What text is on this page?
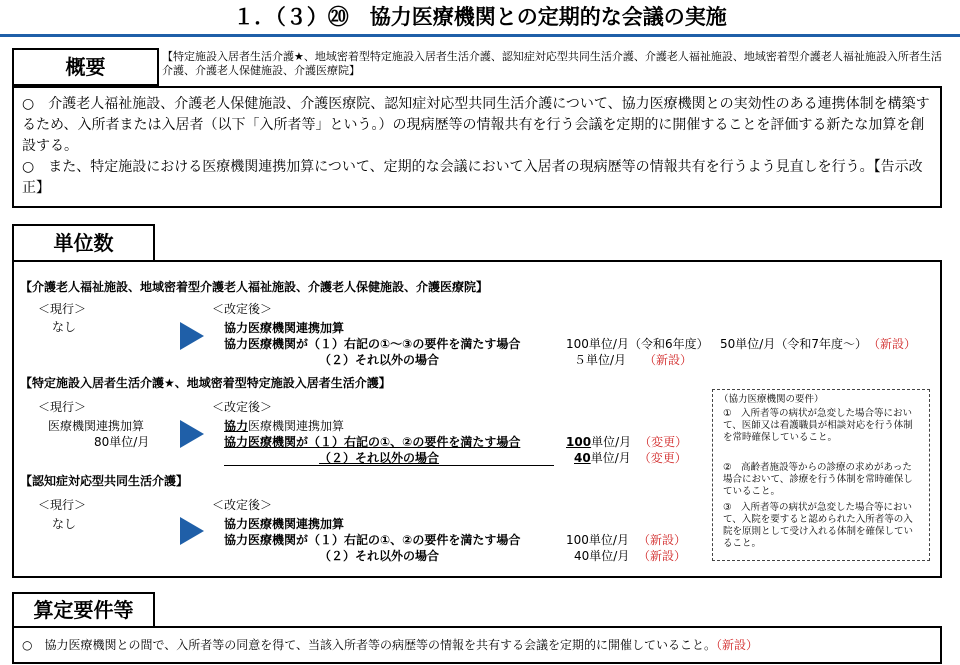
１．（３）⑳　協力医療機関との定期的な会議の実施
概要	【特定施設入居者生活介護★、地域密着型特定施設入居者生活介護、認知症対応型共同生活介護、介護老人福祉施設、地域密着型介護老人福祉施設入所者生活介護、介護老人保健施設、介護医療院】
○　介護老人福祉施設、介護老人保健施設、介護医療院、認知症対応型共同生活介護について、協力医療機関との実効性のある連携体制を構築するため、入所者または入居者（以下「入所者等」という。）の現病歴等の情報共有を行う会議を定期的に開催することを評価する新たな加算を創設する。
○　また、特定施設における医療機関連携加算について、定期的な会議において入居者の現病歴等の情報共有を行うよう見直しを行う。【告示改正】
単位数
【介護老人福祉施設、地域密着型介護老人福祉施設、介護老人保健施設、介護医療院】
＜現行＞
なし
＜改定後＞
協力医療機関連携加算
協力医療機関が（１）右記の①～③の要件を満たす場合
（２）それ以外の場合
100単位/月（令和6年度） 50単位/月（令和7年度～） （新設）
５単位/月 （新設）
【特定施設入居者生活介護★、地域密着型特定施設入居者生活介護】
＜現行＞
医療機関連携加算
80単位/月
＜改定後＞
協力医療機関連携加算
協力医療機関が（１）右記の①、②の要件を満たす場合
（２）それ以外の場合
100単位/月 （変更）
40単位/月 （変更）
【認知症対応型共同生活介護】
＜現行＞
なし
＜改定後＞
協力医療機関連携加算
協力医療機関が（１）右記の①、②の要件を満たす場合
（２）それ以外の場合
100単位/月 （新設）
40単位/月 （新設）
（協力医療機関の要件）
①　入所者等の病状が急変した場合等において、医師又は看護職員が相談対応を行う体制を常時確保していること。
②　高齢者施設等からの診療の求めがあった場合において、診療を行う体制を常時確保していること。
③　入所者等の病状が急変した場合等において、入院を要すると認められた入所者等の入院を原則として受け入れる体制を確保していること。
算定要件等
○　協力医療機関との間で、入所者等の同意を得て、当該入所者等の病歴等の情報を共有する会議を定期的に開催していること。（新設）
